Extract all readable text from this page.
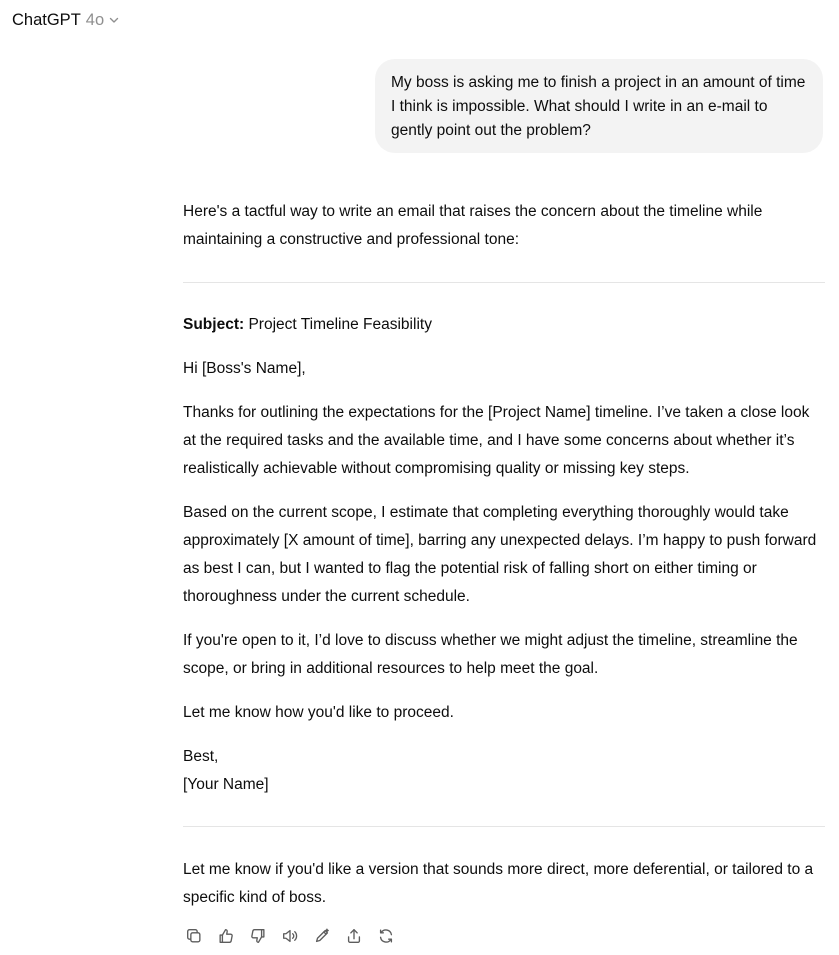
ChatGPT 4o
My boss is asking me to finish a project in an amount of time I think is impossible. What should I write in an e-mail to gently point out the problem?

Here's a tactful way to write an email that raises the concern about the timeline while maintaining a constructive and professional tone:

Subject: Project Timeline Feasibility

Hi [Boss's Name],

Thanks for outlining the expectations for the [Project Name] timeline. I’ve taken a close look at the required tasks and the available time, and I have some concerns about whether it’s realistically achievable without compromising quality or missing key steps.

Based on the current scope, I estimate that completing everything thoroughly would take approximately [X amount of time], barring any unexpected delays. I’m happy to push forward as best I can, but I wanted to flag the potential risk of falling short on either timing or thoroughness under the current schedule.

If you're open to it, I’d love to discuss whether we might adjust the timeline, streamline the scope, or bring in additional resources to help meet the goal.

Let me know how you'd like to proceed.

Best,

[Your Name]

Let me know if you'd like a version that sounds more direct, more deferential, or tailored to a specific kind of boss.
